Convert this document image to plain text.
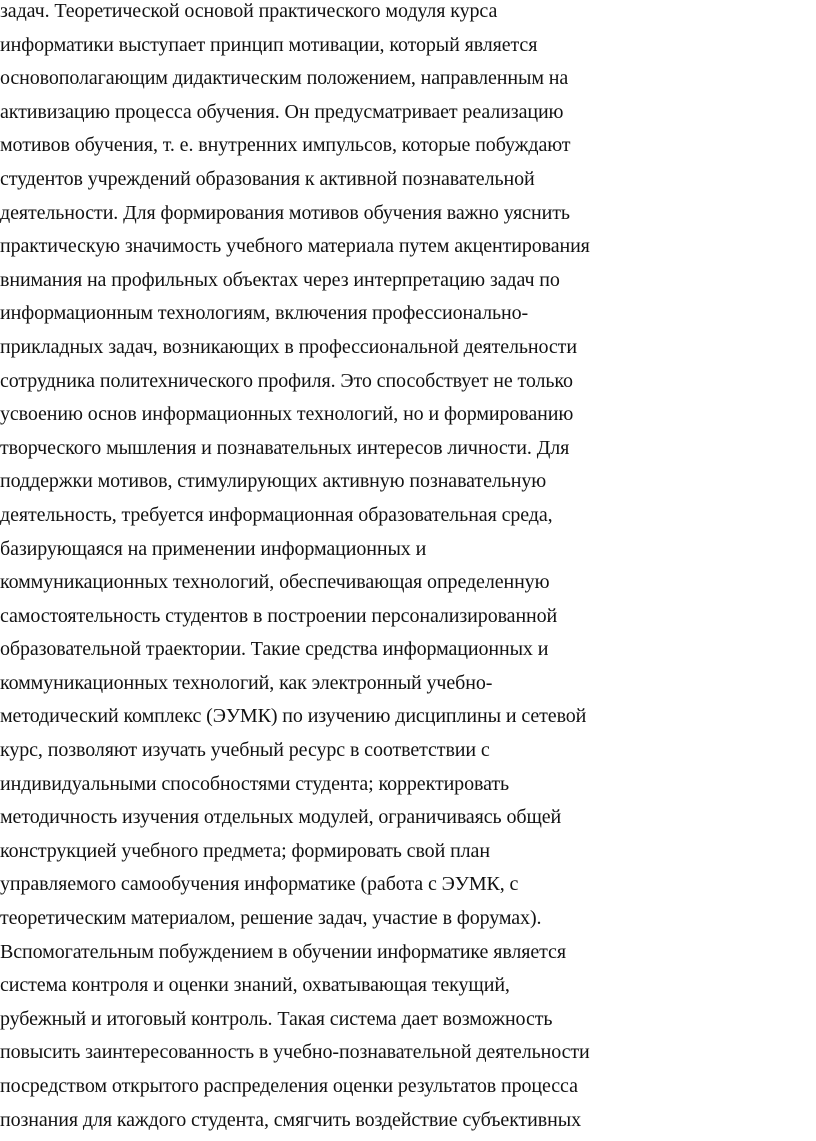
задач. Теоретической основой практического модуля курса
информатики выступает принцип мотивации, который является
основополагающим дидактическим положением, направленным на
активизацию процесса обучения. Он предусматривает реализацию
мотивов обучения, т. е. внутренних импульсов, которые побуждают
студентов учреждений образования к активной познавательной
деятельности. Для формирования мотивов обучения важно уяснить
практическую значимость учебного материала путем акцентирования
внимания на профильных объектах через интерпретацию задач по
информационным технологиям, включения профессионально-
прикладных задач, возникающих в профессиональной деятельности
сотрудника политехнического профиля. Это способствует не только
усвоению основ информационных технологий, но и формированию
творческого мышления и познавательных интересов личности. Для
поддержки мотивов, стимулирующих активную познавательную
деятельность, требуется информационная образовательная среда,
базирующаяся на применении информационных и
коммуникационных технологий, обеспечивающая определенную
самостоятельность студентов в построении персонализированной
образовательной траектории. Такие средства информационных и
коммуникационных технологий, как электронный учебно-
методический комплекс (ЭУМК) по изучению дисциплины и сетевой
курс, позволяют изучать учебный ресурс в соответствии с
индивидуальными способностями студента; корректировать
методичность изучения отдельных модулей, ограничиваясь общей
конструкцией учебного предмета; формировать свой план
управляемого самообучения информатике (работа с ЭУМК, с
теоретическим материалом, решение задач, участие в форумах).
Вспомогательным побуждением в обучении информатике является
система контроля и оценки знаний, охватывающая текущий,
рубежный и итоговый контроль. Такая система дает возможность
повысить заинтересованность в учебно-познавательной деятельности
посредством открытого распределения оценки результатов процесса
познания для каждого студента, смягчить воздействие субъективных
